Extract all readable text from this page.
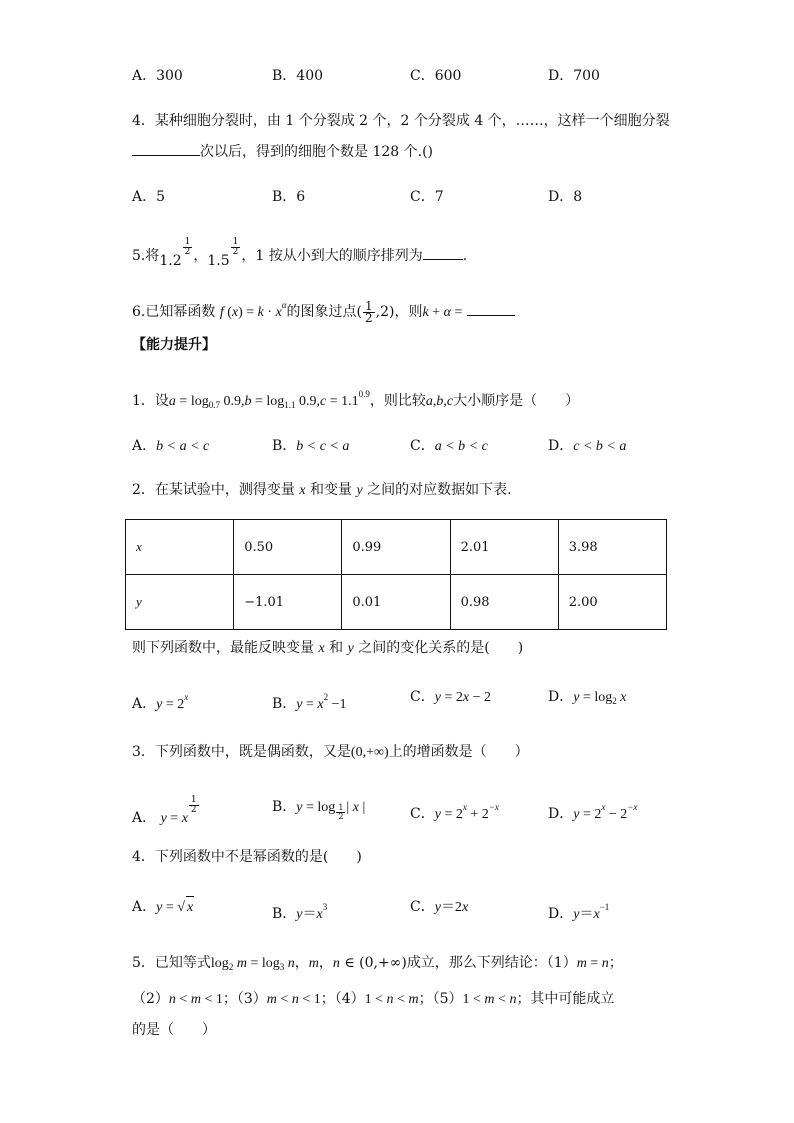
A．300	B．400	C．600	D．700
4．某种细胞分裂时，由 1 个分裂成 2 个，2 个分裂成 4 个，……，这样一个细胞分裂
次以后，得到的细胞个数是 128 个.()
A．5	B．6	C．7	D．8
5.将1.2
$\frac{1}{2}$ ，1.5
$\frac{1}{2}$ ，1 按从小到大的顺序排列为	.
6.已知幂函数 f $(x) = k \cdot x^\alpha$的图象过点( $\frac{1}{2} ,2$)，则k + α =
【能力提升】
1．设$a = \log_{0.7} 0.9,b = \log_{1.1} 0.9,c = 1.1^{0.9}$，则比较a,b,c大小顺序是（　　）
A．b < a < c	B．b < c < a	C．a < b < c	D．c < b < a
2．在某试验中，测得变量 x 和变量 y 之间的对应数据如下表.
x	0.50	0.99	2.01	3.98
y	−1.01	0.01	0.98	2.00
则下列函数中，最能反映变量 x 和 y 之间的变化关系的是(　　)
A．$y = 2^x$	B．$y = x^2 -1$	C．y = 2x − 2	D．$y = \log_2 x$
3．下列函数中，既是偶函数，又是(0,+∞)上的增函数是（　　）
A． y = x
$\frac{1}{2}$	B．$y = \log \frac{1}{2}$ | x |	C．$y = 2^x + 2^{-x}$	D．$y = 2^x - 2^{-x}$
4．下列函数中不是幂函数的是(　　)
A．y = √ x	B．$y=x^3$	C．y＝2x	D．$y=x^{-1}$
5．已知等式$\log_2 m = \log_3 n$，m，n ∈ (0,+∞)成立，那么下列结论：（1）m = n；
（2）n < m < 1；（3）m < n < 1；（4）1 < n < m；（5）1 < m < n；其中可能成立
的是（　　）
